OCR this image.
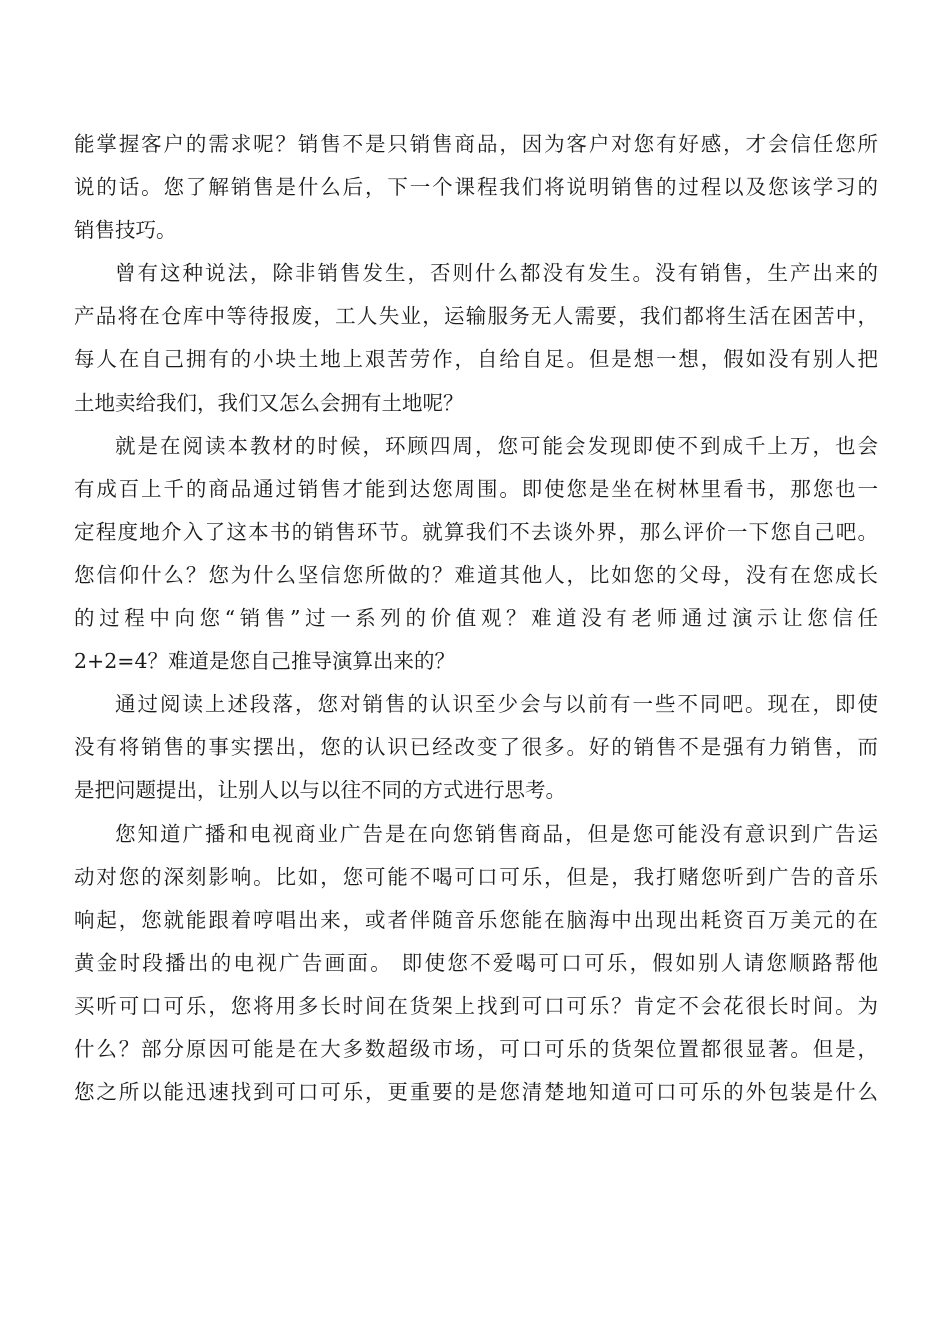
能掌握客户的需求呢？销售不是只销售商品，因为客户对您有好感，才会信任您所
说的话。您了解销售是什么后，下一个课程我们将说明销售的过程以及您该学习的
销售技巧。
曾有这种说法，除非销售发生，否则什么都没有发生。没有销售，生产出来的
产品将在仓库中等待报废，工人失业，运输服务无人需要，我们都将生活在困苦中，
每人在自己拥有的小块土地上艰苦劳作，自给自足。但是想一想，假如没有别人把
土地卖给我们，我们又怎么会拥有土地呢？
就是在阅读本教材的时候，环顾四周，您可能会发现即使不到成千上万，也会
有成百上千的商品通过销售才能到达您周围。即使您是坐在树林里看书，那您也一
定程度地介入了这本书的销售环节。就算我们不去谈外界，那么评价一下您自己吧。
您信仰什么？您为什么坚信您所做的？难道其他人，比如您的父母，没有在您成长
的过程中向您“销售”过一系列的价值观？难道没有老师通过演示让您信任
2+2=4？难道是您自己推导演算出来的？
通过阅读上述段落，您对销售的认识至少会与以前有一些不同吧。现在，即使
没有将销售的事实摆出，您的认识已经改变了很多。好的销售不是强有力销售，而
是把问题提出，让别人以与以往不同的方式进行思考。
您知道广播和电视商业广告是在向您销售商品，但是您可能没有意识到广告运
动对您的深刻影响。比如，您可能不喝可口可乐，但是，我打赌您听到广告的音乐
响起，您就能跟着哼唱出来，或者伴随音乐您能在脑海中出现出耗资百万美元的在
黄金时段播出的电视广告画面。 即使您不爱喝可口可乐，假如别人请您顺路帮他
买听可口可乐，您将用多长时间在货架上找到可口可乐？肯定不会花很长时间。为
什么？部分原因可能是在大多数超级市场，可口可乐的货架位置都很显著。但是，
您之所以能迅速找到可口可乐，更重要的是您清楚地知道可口可乐的外包装是什么
